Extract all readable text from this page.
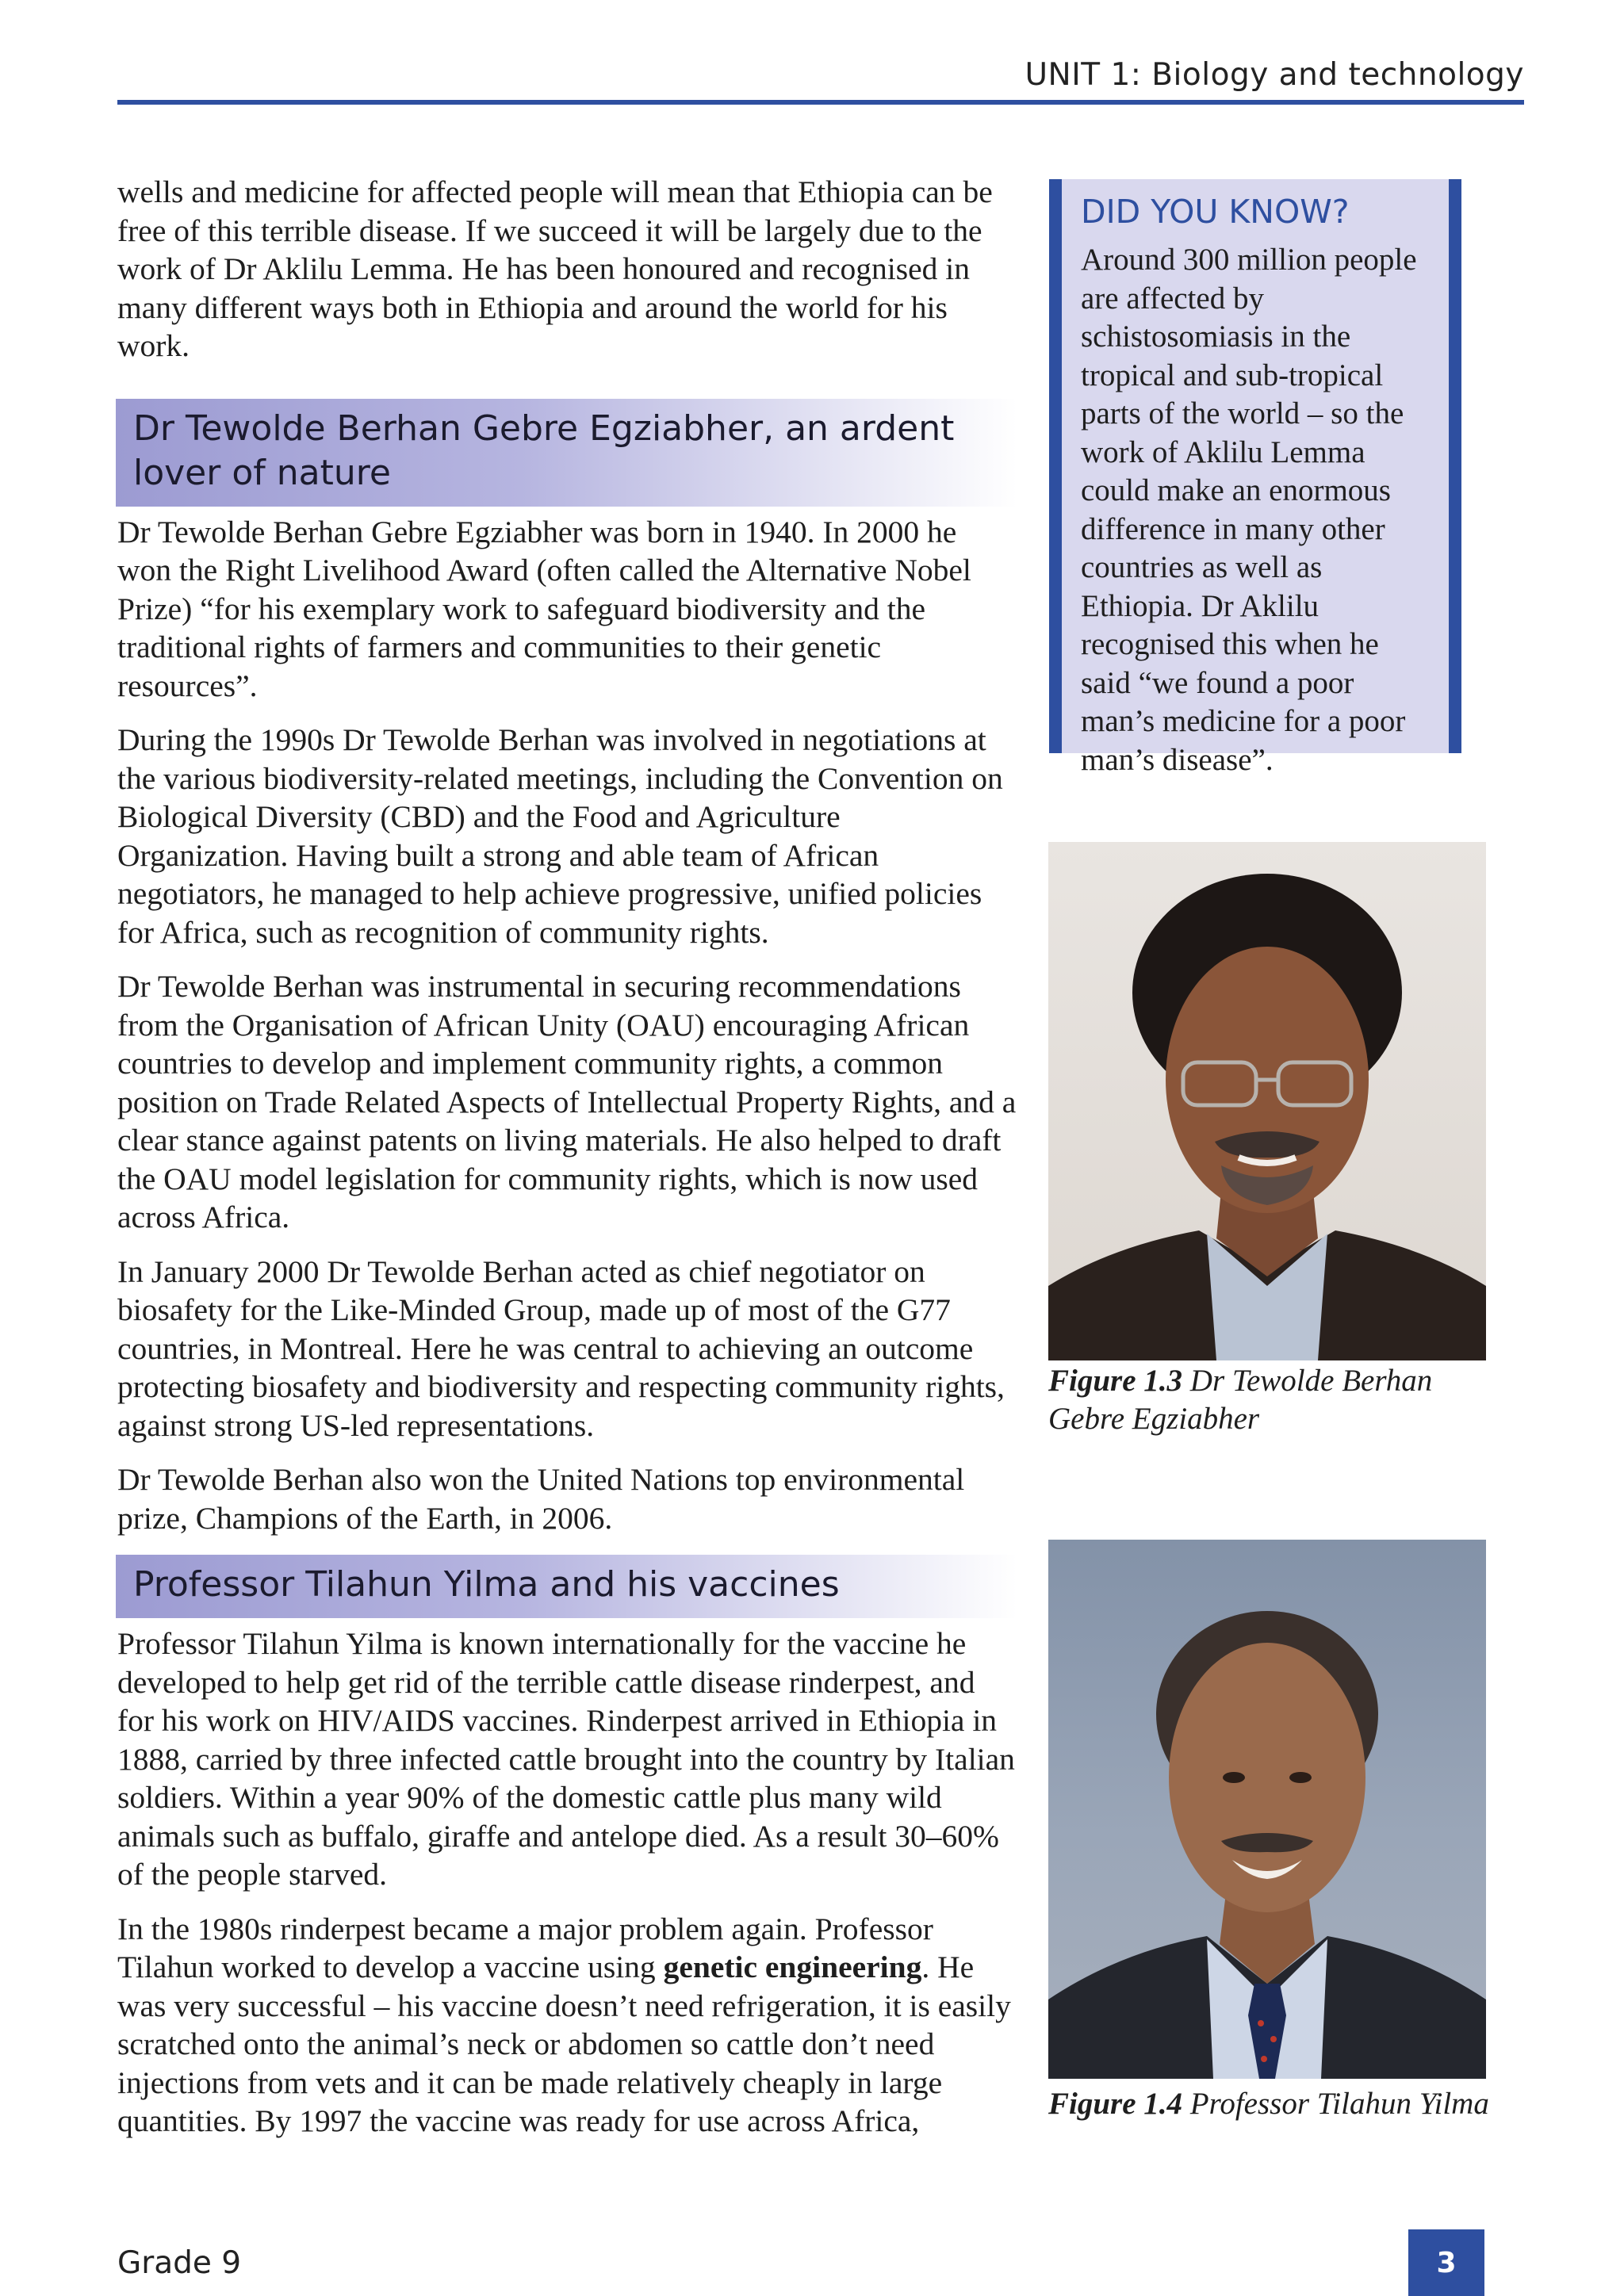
UNIT 1: Biology and technology

wells and medicine for affected people will mean that Ethiopia can be free of this terrible disease. If we succeed it will be largely due to the work of Dr Aklilu Lemma. He has been honoured and recognised in many different ways both in Ethiopia and around the world for his work.

Dr Tewolde Berhan Gebre Egziabher, an ardent lover of nature

Dr Tewolde Berhan Gebre Egziabher was born in 1940. In 2000 he won the Right Livelihood Award (often called the Alternative Nobel Prize) “for his exemplary work to safeguard biodiversity and the traditional rights of farmers and communities to their genetic resources”.

During the 1990s Dr Tewolde Berhan was involved in negotiations at the various biodiversity-related meetings, including the Convention on Biological Diversity (CBD) and the Food and Agriculture Organization. Having built a strong and able team of African negotiators, he managed to help achieve progressive, unified policies for Africa, such as recognition of community rights.

Dr Tewolde Berhan was instrumental in securing recommendations from the Organisation of African Unity (OAU) encouraging African countries to develop and implement community rights, a common position on Trade Related Aspects of Intellectual Property Rights, and a clear stance against patents on living materials. He also helped to draft the OAU model legislation for community rights, which is now used across Africa.

In January 2000 Dr Tewolde Berhan acted as chief negotiator on biosafety for the Like-Minded Group, made up of most of the G77 countries, in Montreal. Here he was central to achieving an outcome protecting biosafety and biodiversity and respecting community rights, against strong US-led representations.

Dr Tewolde Berhan also won the United Nations top environmental prize, Champions of the Earth, in 2006.

Professor Tilahun Yilma and his vaccines

Professor Tilahun Yilma is known internationally for the vaccine he developed to help get rid of the terrible cattle disease rinderpest, and for his work on HIV/AIDS vaccines. Rinderpest arrived in Ethiopia in 1888, carried by three infected cattle brought into the country by Italian soldiers. Within a year 90% of the domestic cattle plus many wild animals such as buffalo, giraffe and antelope died. As a result 30–60% of the people starved.

In the 1980s rinderpest became a major problem again. Professor Tilahun worked to develop a vaccine using genetic engineering. He was very successful – his vaccine doesn’t need refrigeration, it is easily scratched onto the animal’s neck or abdomen so cattle don’t need injections from vets and it can be made relatively cheaply in large quantities. By 1997 the vaccine was ready for use across Africa,

DID YOU KNOW?
Around 300 million people are affected by schistosomiasis in the tropical and sub-tropical parts of the world – so the work of Aklilu Lemma could make an enormous difference in many other countries as well as Ethiopia. Dr Aklilu recognised this when he said “we found a poor man’s medicine for a poor man’s disease”.
Figure 1.3 Dr Tewolde Berhan Gebre Egziabher
Figure 1.4 Professor Tilahun Yilma
Grade 9	3
